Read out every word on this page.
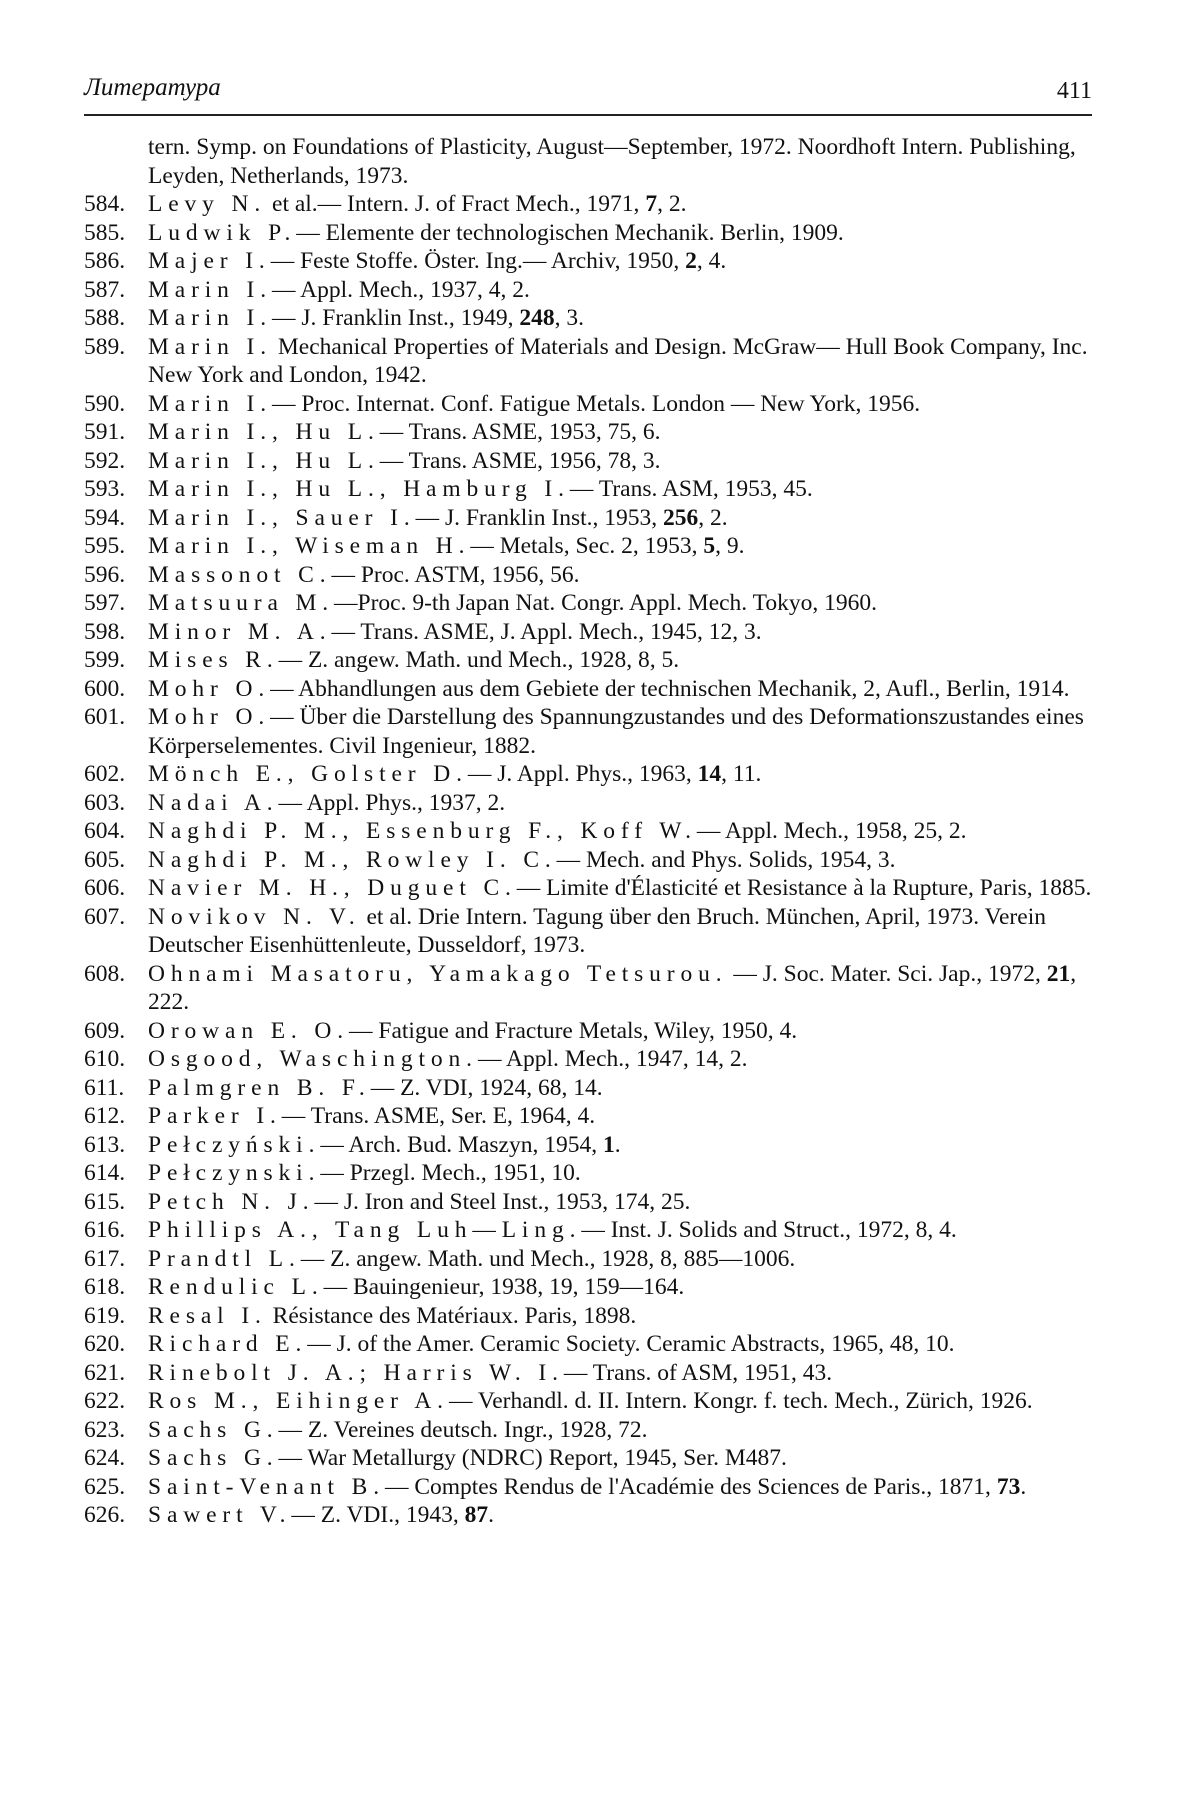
Литература	411
tern. Symp. on Foundations of Plasticity, August—September, 1972. Noordhoft Intern. Publishing, Leyden, Netherlands, 1973.
584. Levy N. et al.— Intern. J. of Fract Mech., 1971, 7, 2.
585. Ludwik P.— Elemente der technologischen Mechanik. Berlin, 1909.
586. Majer I.— Feste Stoffe. Öster. Ing.— Archiv, 1950, 2, 4.
587. Marin I.— Appl. Mech., 1937, 4, 2.
588. Marin I.— J. Franklin Inst., 1949, 248, 3.
589. Marin I. Mechanical Properties of Materials and Design. McGraw— Hull Book Company, Inc. New York and London, 1942.
590. Marin I.— Proc. Internat. Conf. Fatigue Metals. London — New York, 1956.
591. Marin I., Hu L.— Trans. ASME, 1953, 75, 6.
592. Marin I., Hu L.— Trans. ASME, 1956, 78, 3.
593. Marin I., Hu L., Hamburg I.— Trans. ASM, 1953, 45.
594. Marin I., Sauer I.— J. Franklin Inst., 1953, 256, 2.
595. Marin I., Wiseman H.— Metals, Sec. 2, 1953, 5, 9.
596. Massonot C.— Proc. ASTM, 1956, 56.
597. Matsuura M.—Proc. 9-th Japan Nat. Congr. Appl. Mech. Tokyo, 1960.
598. Minor M. A.— Trans. ASME, J. Appl. Mech., 1945, 12, 3.
599. Mises R.— Z. angew. Math. und Mech., 1928, 8, 5.
600. Mohr O.— Abhandlungen aus dem Gebiete der technischen Mechanik, 2, Aufl., Berlin, 1914.
601. Mohr O.— Über die Darstellung des Spannungzustandes und des Deformationszustandes eines Körperselementes. Civil Ingenieur, 1882.
602. Mönch E., Golster D.— J. Appl. Phys., 1963, 14, 11.
603. Nadai A.— Appl. Phys., 1937, 2.
604. Naghdi P. M., Essenburg F., Koff W.— Appl. Mech., 1958, 25, 2.
605. Naghdi P. M., Rowley I. C.— Mech. and Phys. Solids, 1954, 3.
606. Navier M. H., Duguet C.— Limite d'Élasticité et Resistance à la Rupture, Paris, 1885.
607. Novikov N. V. et al. Drie Intern. Tagung über den Bruch. München, April, 1973. Verein Deutscher Eisenhüttenleute, Dusseldorf, 1973.
608. Ohnami Masatoru, Yamakago Tetsurou. — J. Soc. Mater. Sci. Jap., 1972, 21, 222.
609. Orowan E. O.— Fatigue and Fracture Metals, Wiley, 1950, 4.
610. Osgood, Waschington.— Appl. Mech., 1947, 14, 2.
611.	Palmgren B. F.— Z. VDI, 1924, 68, 14.
612. Parker I.— Trans. ASME, Ser. E, 1964, 4.
613. Pełczyński.— Arch. Bud. Maszyn, 1954, 1.
614. Pełczynski.— Przegl. Mech., 1951, 10.
615. Petch N. J.— J. Iron and Steel Inst., 1953, 174, 25.
616. Phillips A., Tang Luh—Ling.— Inst. J. Solids and Struct., 1972, 8, 4.
617. Prandtl L.— Z. angew. Math. und Mech., 1928, 8, 885—1006.
618. Rendulic L.— Bauingenieur, 1938, 19, 159—164.
619. Resal I. Résistance des Matériaux. Paris, 1898.
620. Richard E.— J. of the Amer. Ceramic Society. Ceramic Abstracts, 1965, 48, 10.
621. Rinebolt J. A.; Harris W. I.— Trans. of ASM, 1951, 43.
622. Ros M., Eihinger A.— Verhandl. d. II. Intern. Kongr. f. tech. Mech., Zürich, 1926.
623. Sachs G.— Z. Vereines deutsch. Ingr., 1928, 72.
624. Sachs G.— War Metallurgy (NDRC) Report, 1945, Ser. M487.
625. Saint-Venant B.— Comptes Rendus de l'Académie des Sciences de Paris., 1871, 73.
626. Sawert V.— Z. VDI., 1943, 87.
